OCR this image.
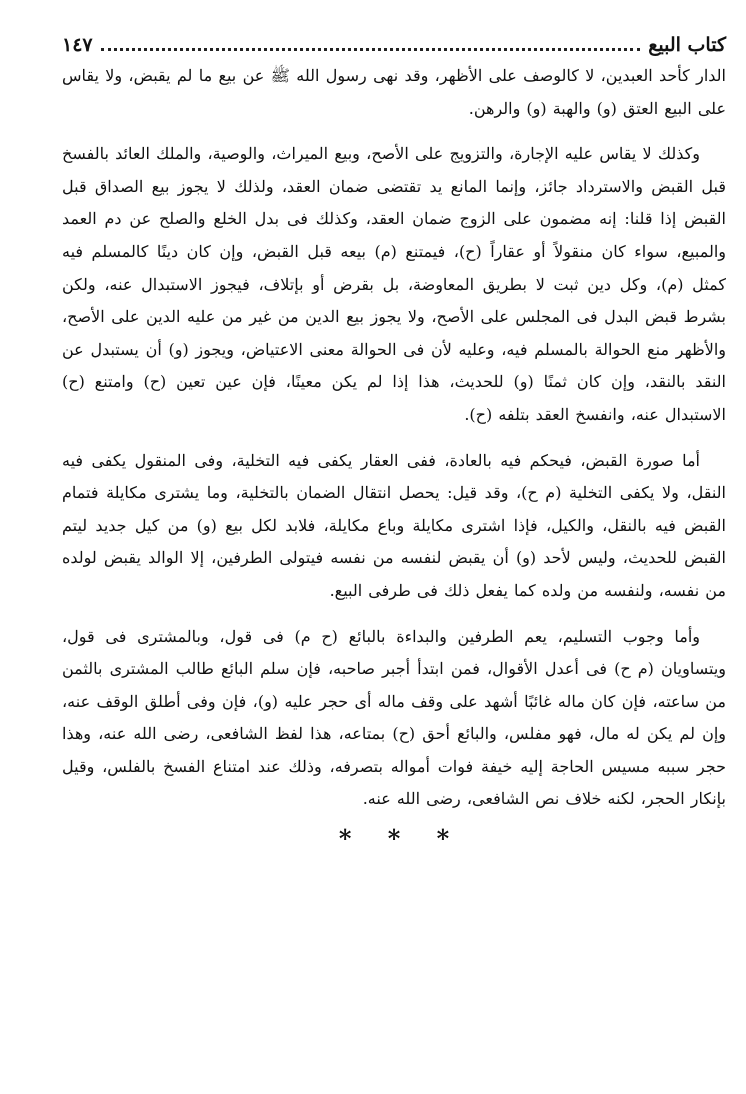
كتاب البيع
١٤٧

الدار كأحد العبدين، لا كالوصف على الأظهر، وقد نهى رسول الله ﷺ عن بيع ما لم يقبض، ولا يقاس على البيع العتق (و) والهبة (و) والرهن.

وكذلك لا يقاس عليه الإجارة، والتزويج على الأصح، وبيع الميراث، والوصية، والملك العائد بالفسخ قبل القبض والاسترداد جائز، وإنما المانع يد تقتضى ضمان العقد، ولذلك لا يجوز بيع الصداق قبل القبض إذا قلنا: إنه مضمون على الزوج ضمان العقد، وكذلك فى بدل الخلع والصلح عن دم العمد والمبيع، سواء كان منقولاً أو عقاراً (ح)، فيمتنع (م) بيعه قبل القبض، وإن كان دينًا كالمسلم فيه كمثل (م)، وكل دين ثبت لا بطريق المعاوضة، بل بقرض أو بإتلاف، فيجوز الاستبدال عنه، ولكن بشرط قبض البدل فى المجلس على الأصح، ولا يجوز بيع الدين من غير من عليه الدين على الأصح، والأظهر منع الحوالة بالمسلم فيه، وعليه لأن فى الحوالة معنى الاعتياض، ويجوز (و) أن يستبدل عن النقد بالنقد، وإن كان ثمنًا (و) للحديث، هذا إذا لم يكن معينًا، فإن عين تعين (ح) وامتنع (ح) الاستبدال عنه، وانفسخ العقد بتلفه (ح).

أما صورة القبض، فيحكم فيه بالعادة، ففى العقار يكفى فيه التخلية، وفى المنقول يكفى فيه النقل، ولا يكفى التخلية (م ح)، وقد قيل: يحصل انتقال الضمان بالتخلية، وما يشترى مكايلة فتمام القبض فيه بالنقل، والكيل، فإذا اشترى مكايلة وباع مكايلة، فلابد لكل بيع (و) من كيل جديد ليتم القبض للحديث، وليس لأحد (و) أن يقبض لنفسه من نفسه فيتولى الطرفين، إلا الوالد يقبض لولده من نفسه، ولنفسه من ولده كما يفعل ذلك فى طرفى البيع.

وأما وجوب التسليم، يعم الطرفين والبداءة بالبائع (ح م) فى قول، وبالمشترى فى قول، ويتساويان (م ح) فى أعدل الأقوال، فمن ابتدأ أجبر صاحبه، فإن سلم البائع طالب المشترى بالثمن من ساعته، فإن كان ماله غائبًا أشهد على وقف ماله أى حجر عليه (و)، فإن وفى أطلق الوقف عنه، وإن لم يكن له مال، فهو مفلس، والبائع أحق (ح) بمتاعه، هذا لفظ الشافعى، رضى الله عنه، وهذا حجر سببه مسيس الحاجة إليه خيفة فوات أمواله بتصرفه، وذلك عند امتناع الفسخ بالفلس، وقيل بإنكار الحجر، لكنه خلاف نص الشافعى، رضى الله عنه.

* * *
